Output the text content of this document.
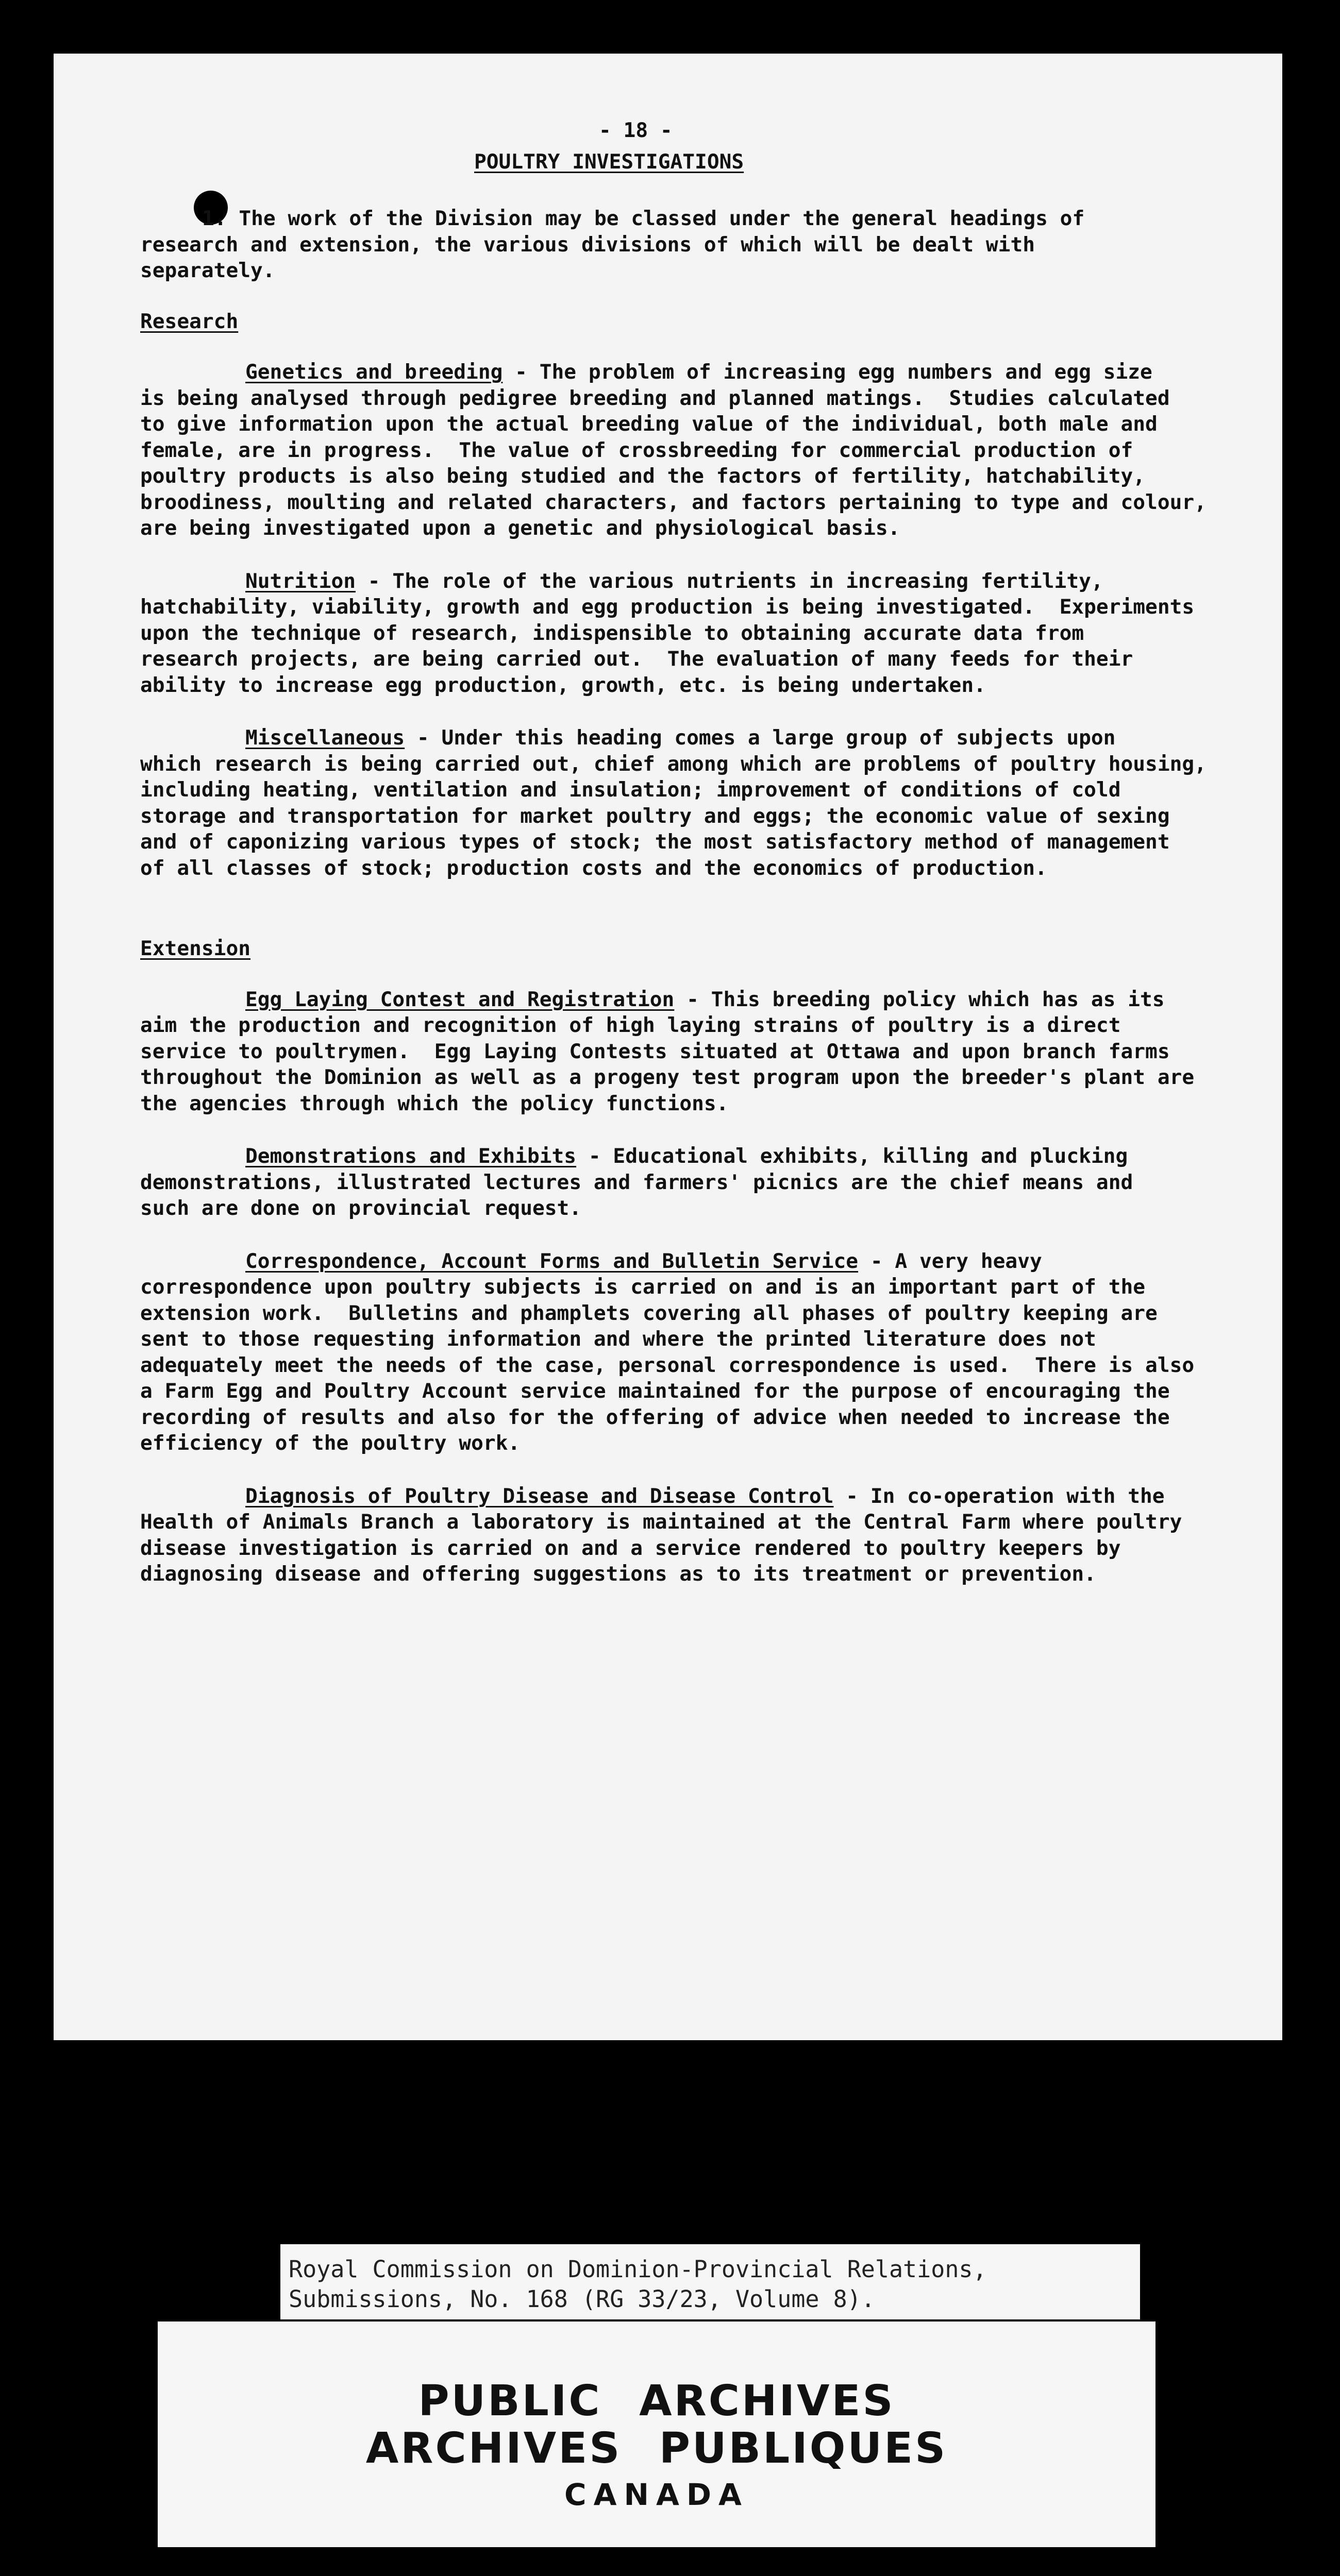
- 18 -
POULTRY INVESTIGATIONS
1. The work of the Division may be classed under the general headings of
research and extension, the various divisions of which will be dealt with
separately.
Research
Genetics and breeding - The problem of increasing egg numbers and egg size
is being analysed through pedigree breeding and planned matings.  Studies calculated
to give information upon the actual breeding value of the individual, both male and
female, are in progress.  The value of crossbreeding for commercial production of
poultry products is also being studied and the factors of fertility, hatchability,
broodiness, moulting and related characters, and factors pertaining to type and colour,
are being investigated upon a genetic and physiological basis.
Nutrition - The role of the various nutrients in increasing fertility,
hatchability, viability, growth and egg production is being investigated.  Experiments
upon the technique of research, indispensible to obtaining accurate data from
research projects, are being carried out.  The evaluation of many feeds for their
ability to increase egg production, growth, etc. is being undertaken.
Miscellaneous - Under this heading comes a large group of subjects upon
which research is being carried out, chief among which are problems of poultry housing,
including heating, ventilation and insulation; improvement of conditions of cold
storage and transportation for market poultry and eggs; the economic value of sexing
and of caponizing various types of stock; the most satisfactory method of management
of all classes of stock; production costs and the economics of production.
Extension
Egg Laying Contest and Registration - This breeding policy which has as its
aim the production and recognition of high laying strains of poultry is a direct
service to poultrymen.  Egg Laying Contests situated at Ottawa and upon branch farms
throughout the Dominion as well as a progeny test program upon the breeder's plant are
the agencies through which the policy functions.
Demonstrations and Exhibits - Educational exhibits, killing and plucking
demonstrations, illustrated lectures and farmers' picnics are the chief means and
such are done on provincial request.
Correspondence, Account Forms and Bulletin Service - A very heavy
correspondence upon poultry subjects is carried on and is an important part of the
extension work.  Bulletins and phamplets covering all phases of poultry keeping are
sent to those requesting information and where the printed literature does not
adequately meet the needs of the case, personal correspondence is used.  There is also
a Farm Egg and Poultry Account service maintained for the purpose of encouraging the
recording of results and also for the offering of advice when needed to increase the
efficiency of the poultry work.
Diagnosis of Poultry Disease and Disease Control - In co-operation with the
Health of Animals Branch a laboratory is maintained at the Central Farm where poultry
disease investigation is carried on and a service rendered to poultry keepers by
diagnosing disease and offering suggestions as to its treatment or prevention.
Royal Commission on Dominion-Provincial Relations,
Submissions, No. 168 (RG 33/23, Volume 8).
PUBLIC ARCHIVES
ARCHIVES PUBLIQUES
CANADA
